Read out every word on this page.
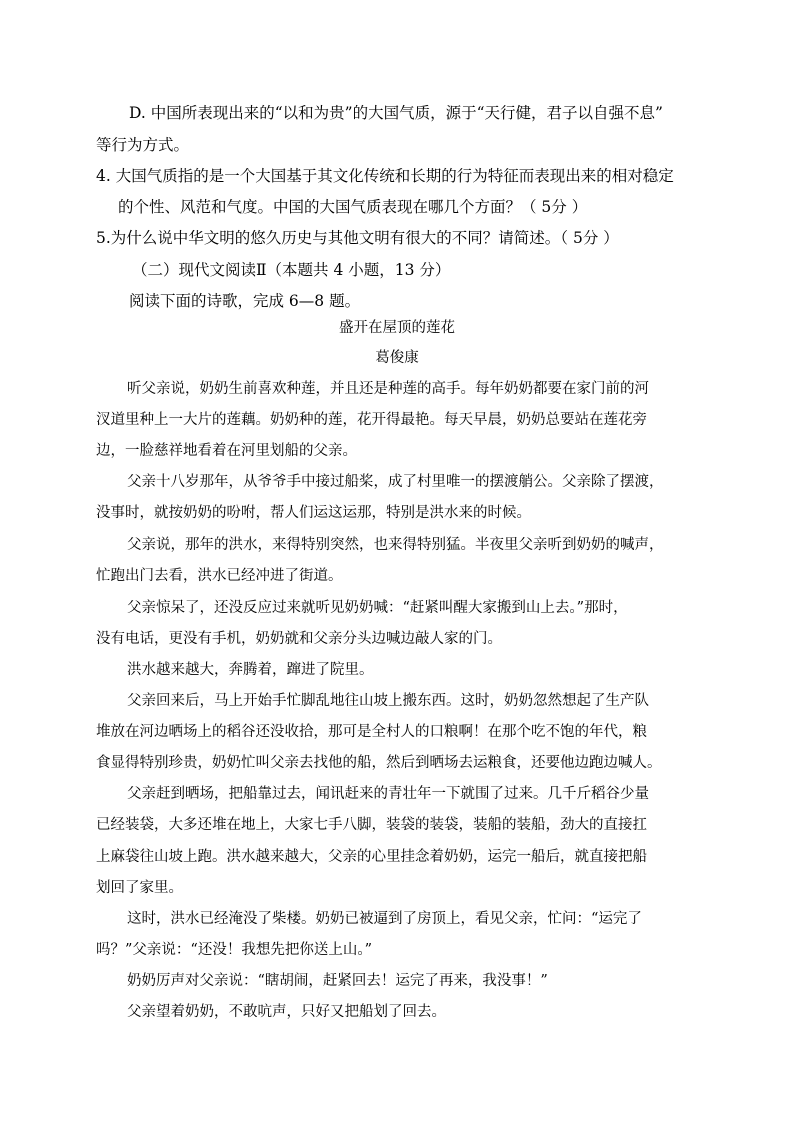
D. 中国所表现出来的“以和为贵”的大国气质，源于“天行健，君子以自强不息”
等行为方式。
4. 大国气质指的是一个大国基于其文化传统和长期的行为特征而表现出来的相对稳定
的个性、风范和气度。中国的大国气质表现在哪几个方面？（ 5分 ）
5.为什么说中华文明的悠久历史与其他文明有很大的不同？请简述。（ 5分 ）
（二）现代文阅读Ⅱ（本题共 4 小题，13 分）
阅读下面的诗歌，完成 6—8 题。
盛开在屋顶的莲花
葛俊康
听父亲说，奶奶生前喜欢种莲，并且还是种莲的高手。每年奶奶都要在家门前的河
汊道里种上一大片的莲藕。奶奶种的莲，花开得最艳。每天早晨，奶奶总要站在莲花旁
边，一脸慈祥地看着在河里划船的父亲。
父亲十八岁那年，从爷爷手中接过船桨，成了村里唯一的摆渡艄公。父亲除了摆渡，
没事时，就按奶奶的吩咐，帮人们运这运那，特别是洪水来的时候。
父亲说，那年的洪水，来得特别突然，也来得特别猛。半夜里父亲听到奶奶的喊声，
忙跑出门去看，洪水已经冲进了街道。
父亲惊呆了，还没反应过来就听见奶奶喊：“赶紧叫醒大家搬到山上去。”那时，
没有电话，更没有手机，奶奶就和父亲分头边喊边敲人家的门。
洪水越来越大，奔腾着，蹿进了院里。
父亲回来后，马上开始手忙脚乱地往山坡上搬东西。这时，奶奶忽然想起了生产队
堆放在河边晒场上的稻谷还没收拾，那可是全村人的口粮啊！在那个吃不饱的年代，粮
食显得特别珍贵，奶奶忙叫父亲去找他的船，然后到晒场去运粮食，还要他边跑边喊人。
父亲赶到晒场，把船靠过去，闻讯赶来的青壮年一下就围了过来。几千斤稻谷少量
已经装袋，大多还堆在地上，大家七手八脚，装袋的装袋，装船的装船，劲大的直接扛
上麻袋往山坡上跑。洪水越来越大，父亲的心里挂念着奶奶，运完一船后，就直接把船
划回了家里。
这时，洪水已经淹没了柴楼。奶奶已被逼到了房顶上，看见父亲，忙问：“运完了
吗？”父亲说：“还没！我想先把你送上山。”
奶奶厉声对父亲说：“瞎胡闹，赶紧回去！运完了再来，我没事！”
父亲望着奶奶，不敢吭声，只好又把船划了回去。
